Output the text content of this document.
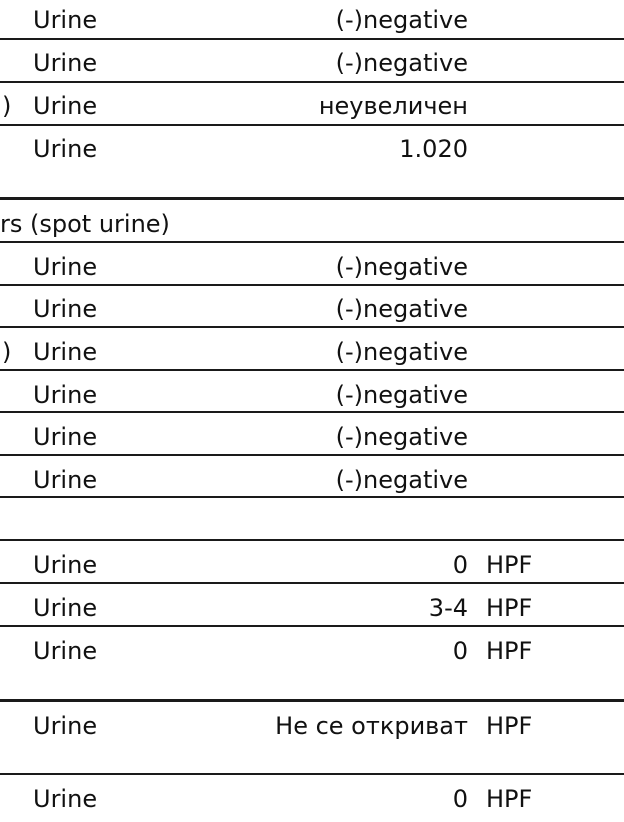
Urine	(-)negative
Urine	(-)negative
) Urine	неувеличен
Urine	1.020
rs (spot urine)
Urine	(-)negative
Urine	(-)negative
) Urine	(-)negative
Urine	(-)negative
Urine	(-)negative
Urine	(-)negative
Urine	0 HPF
Urine	3-4 HPF
Urine	0 HPF
Urine	Не се откриват HPF
Urine	0 HPF
